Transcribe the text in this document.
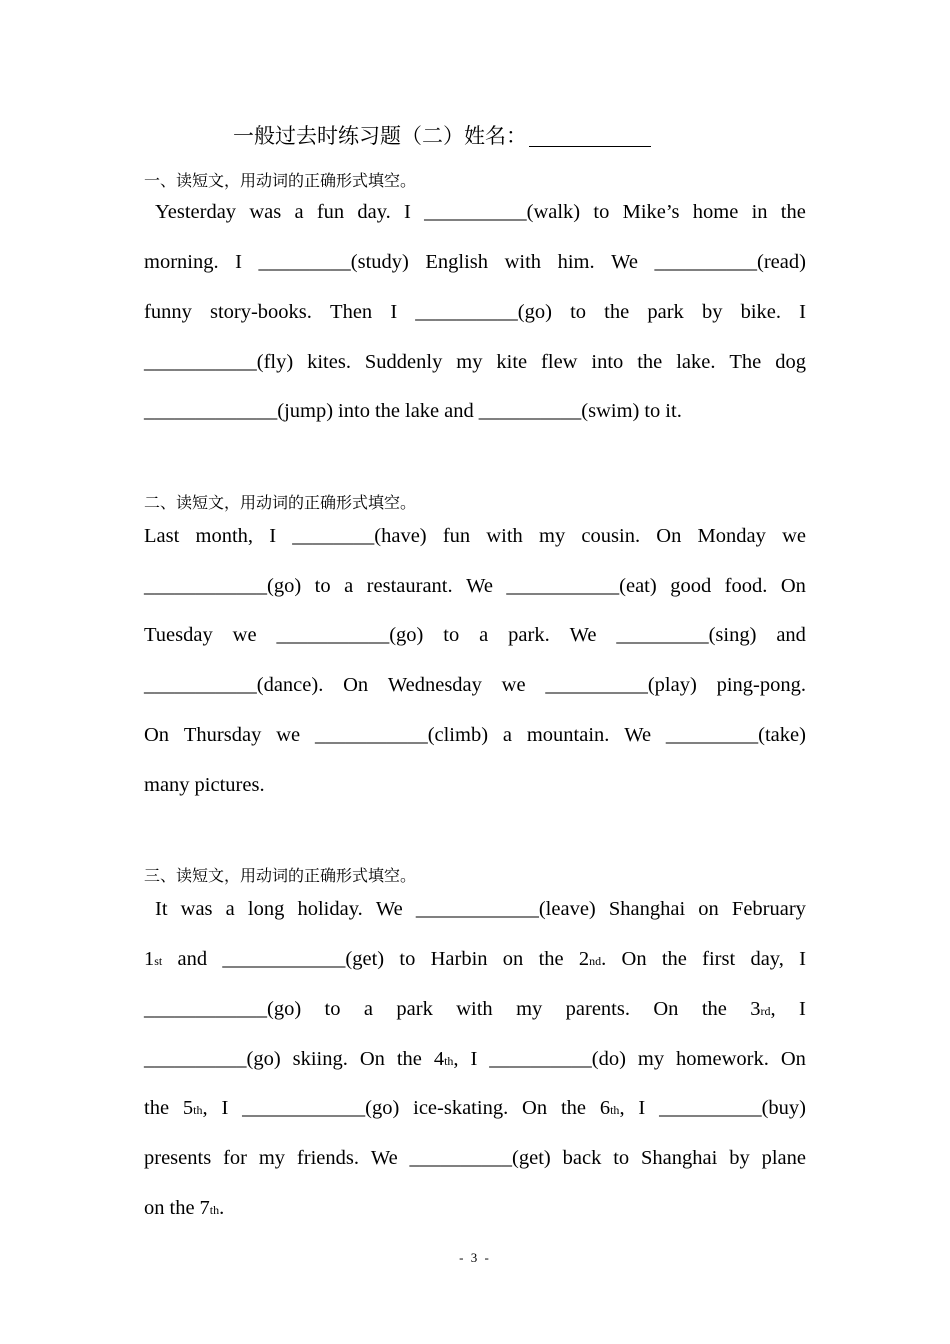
一般过去时练习题（二）姓名：
一、读短文，用动词的正确形式填空。
Yesterday was a fun day. I __________(walk) to Mike’s home in the
morning. I _________(study) English with him. We __________(read)
funny story-books. Then I __________(go) to the park by bike. I
___________(fly) kites. Suddenly my kite flew into the lake. The dog
_____________(jump) into the lake and __________(swim) to it.
二、读短文，用动词的正确形式填空。
Last month, I ________(have) fun with my cousin. On Monday we
____________(go) to a restaurant. We ___________(eat) good food. On
Tuesday we ___________(go) to a park. We _________(sing) and
___________(dance). On Wednesday we __________(play) ping-pong.
On Thursday we ___________(climb) a mountain. We _________(take)
many pictures.
三、读短文，用动词的正确形式填空。
It was a long holiday. We ____________(leave) Shanghai on February
1st and ____________(get) to Harbin on the 2nd. On the first day, I
____________(go) to a park with my parents. On the 3rd, I
__________(go) skiing. On the 4th, I __________(do) my homework. On
the 5th, I ____________(go) ice-skating. On the 6th, I __________(buy)
presents for my friends. We __________(get) back to Shanghai by plane
on the 7th.
- 3 -
